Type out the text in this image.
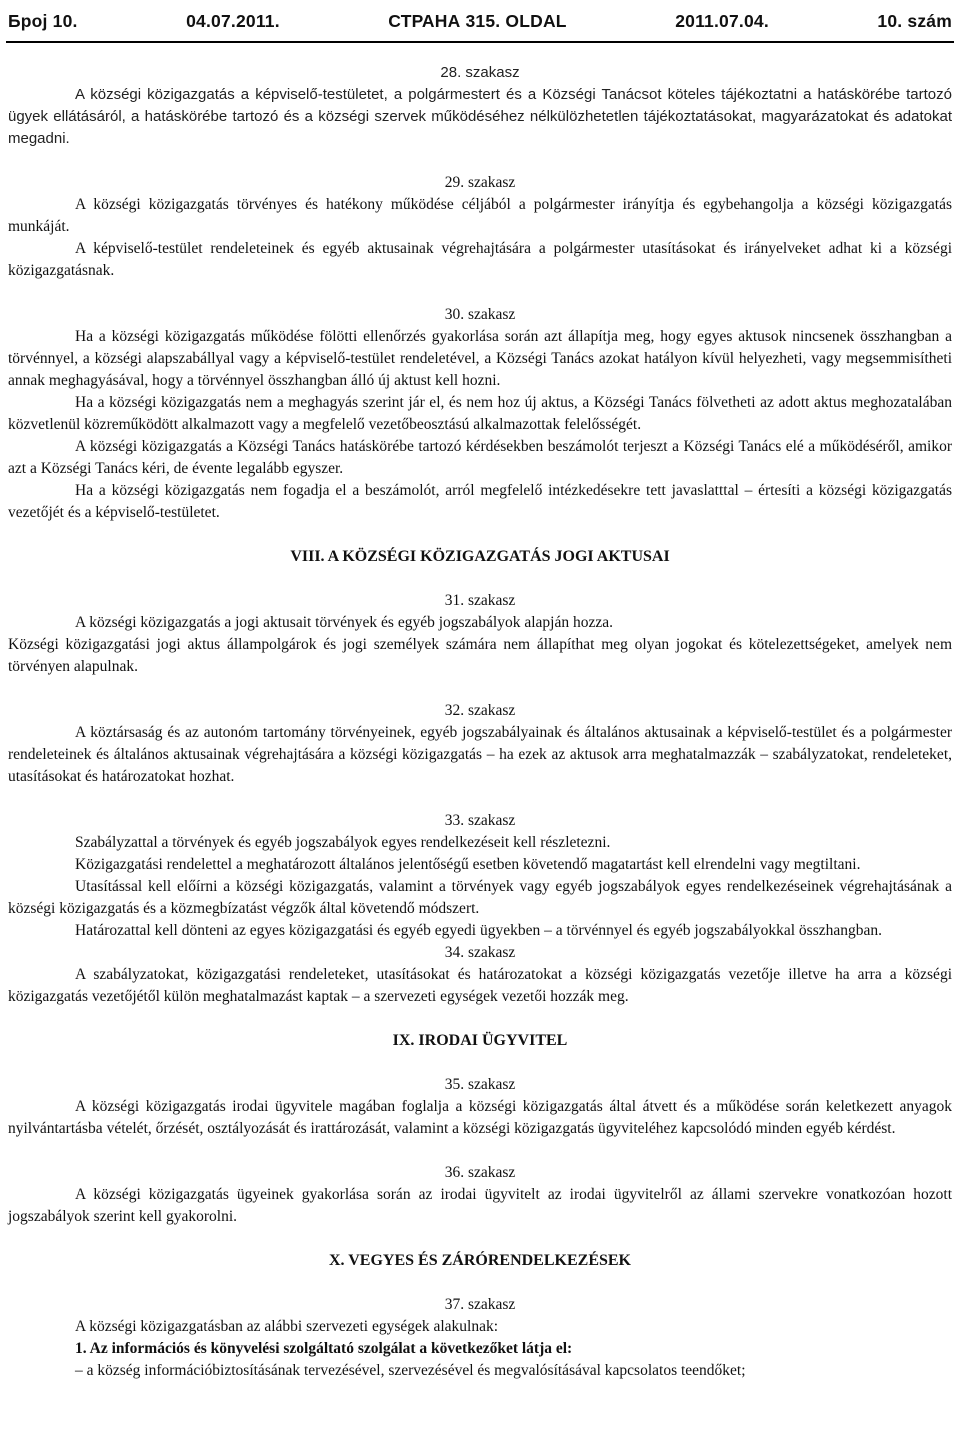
Број 10.	04.07.2011.	СТРАНА 315. OLDAL	2011.07.04.	10. szám

28. szakasz

A községi közigazgatás a képviselő-testületet, a polgármestert és a Községi Tanácsot köteles tájékoztatni a hatáskörébe tartozó ügyek ellátásáról, a hatáskörébe tartozó és a községi szervek működéséhez nélkülözhetetlen tájékoztatásokat, magyarázatokat és adatokat megadni.

29. szakasz

A községi közigazgatás törvényes és hatékony működése céljából a polgármester irányítja és egybehangolja a községi közigazgatás munkáját.

A képviselő-testület rendeleteinek és egyéb aktusainak végrehajtására a polgármester utasításokat és irányelveket adhat ki a községi közigazgatásnak.

30. szakasz

Ha a községi közigazgatás működése fölötti ellenőrzés gyakorlása során azt állapítja meg, hogy egyes aktusok nincsenek összhangban a törvénnyel, a községi alapszabállyal vagy a képviselő-testület rendeletével, a Községi Tanács azokat hatályon kívül helyezheti, vagy megsemmisítheti annak meghagyásával, hogy a törvénnyel összhangban álló új aktust kell hozni.

Ha a községi közigazgatás nem a meghagyás szerint jár el, és nem hoz új aktus, a Községi Tanács fölvetheti az adott aktus meghozatalában közvetlenül közreműködött alkalmazott vagy a megfelelő vezetőbeosztású alkalmazottak felelősségét.

A községi közigazgatás a Községi Tanács hatáskörébe tartozó kérdésekben beszámolót terjeszt a Községi Tanács elé a működéséről, amikor azt a Községi Tanács kéri, de évente legalább egyszer.

Ha a községi közigazgatás nem fogadja el a beszámolót, arról megfelelő intézkedésekre tett javaslatttal – értesíti a községi közigazgatás vezetőjét és a képviselő-testületet.

VIII. A KÖZSÉGI KÖZIGAZGATÁS JOGI AKTUSAI

31. szakasz

A községi közigazgatás a jogi aktusait törvények és egyéb jogszabályok alapján hozza.

Községi közigazgatási jogi aktus állampolgárok és jogi személyek számára nem állapíthat meg olyan jogokat és kötelezettségeket, amelyek nem törvényen alapulnak.

32. szakasz

A köztársaság és az autonóm tartomány törvényeinek, egyéb jogszabályainak és általános aktusainak a képviselő-testület és a polgármester rendeleteinek és általános aktusainak végrehajtására a községi közigazgatás – ha ezek az aktusok arra meghatalmazzák – szabályzatokat, rendeleteket, utasításokat és határozatokat hozhat.

33. szakasz

Szabályzattal a törvények és egyéb jogszabályok egyes rendelkezéseit kell részletezni.

Közigazgatási rendelettel a meghatározott általános jelentőségű esetben követendő magatartást kell elrendelni vagy megtiltani.

Utasítással kell előírni a községi közigazgatás, valamint a törvények vagy egyéb jogszabályok egyes rendelkezéseinek végrehajtásának a községi közigazgatás és a közmegbízatást végzők által követendő módszert.

Határozattal kell dönteni az egyes közigazgatási és egyéb egyedi ügyekben – a törvénnyel és egyéb jogszabályokkal összhangban.

34. szakasz

A szabályzatokat, közigazgatási rendeleteket, utasításokat és határozatokat a községi közigazgatás vezetője illetve ha arra a községi közigazgatás vezetőjétől külön meghatalmazást kaptak – a szervezeti egységek vezetői hozzák meg.

IX. IRODAI ÜGYVITEL

35. szakasz

A községi közigazgatás irodai ügyvitele magában foglalja a községi közigazgatás által átvett és a működése során keletkezett anyagok nyilvántartásba vételét, őrzését, osztályozását és irattározását, valamint a községi közigazgatás ügyviteléhez kapcsolódó minden egyéb kérdést.

36. szakasz

A községi közigazgatás ügyeinek gyakorlása során az irodai ügyvitelt az irodai ügyvitelről az állami szervekre vonatkozóan hozott jogszabályok szerint kell gyakorolni.

X. VEGYES ÉS ZÁRÓRENDELKEZÉSEK

37. szakasz

A községi közigazgatásban az alábbi szervezeti egységek alakulnak:

1. Az információs és könyvelési szolgáltató szolgálat a következőket látja el:

– a község információbiztosításának tervezésével, szervezésével és megvalósításával kapcsolatos teendőket;
